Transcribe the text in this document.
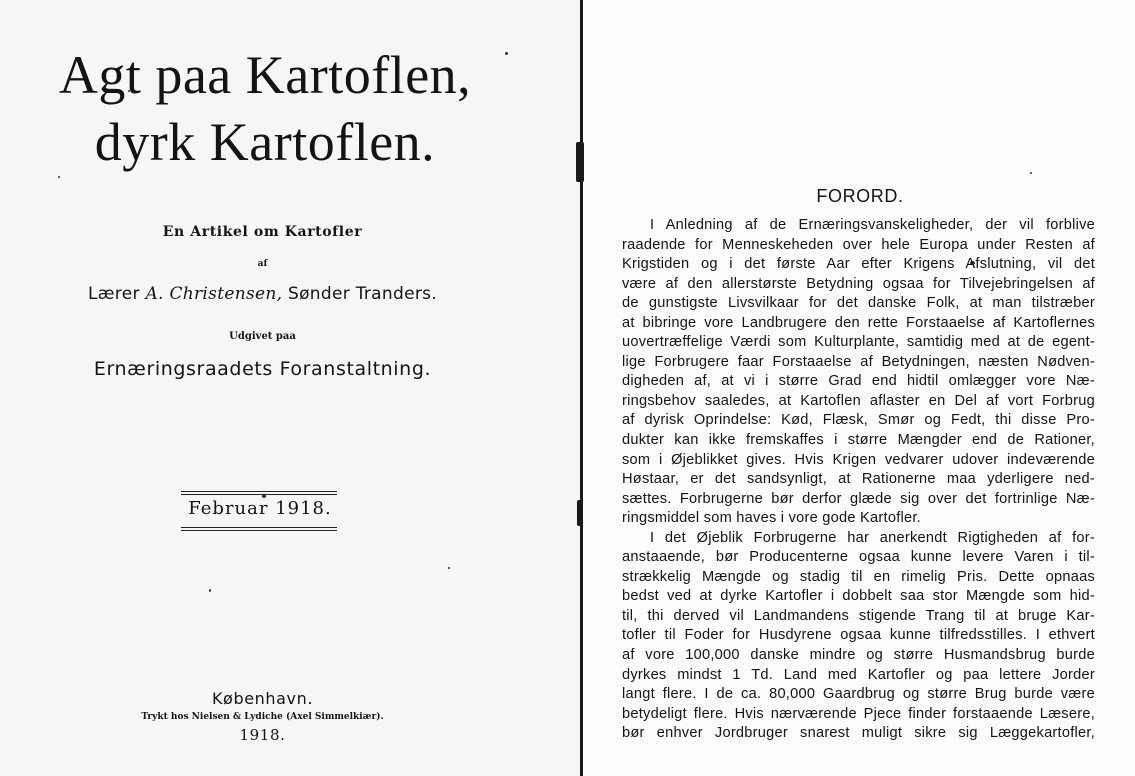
Agt paa Kartoflen,
dyrk Kartoflen.
En Artikel om Kartofler
af
Lærer A. Christensen, Sønder Tranders.
Udgivet paa
Ernæringsraadets Foranstaltning.
Februar 1918.
København.
Trykt hos Nielsen & Lydiche (Axel Simmelkiær).
1918.
FORORD.
I Anledning af de Ernæringsvanskeligheder, der vil forblive
raadende for Menneskeheden over hele Europa under Resten af
Krigstiden og i det første Aar efter Krigens Afslutning, vil det
være af den allerstørste Betydning ogsaa for Tilvejebringelsen af
de gunstigste Livsvilkaar for det danske Folk, at man tilstræber
at bibringe vore Landbrugere den rette Forstaaelse af Kartoflernes
uovertræffelige Værdi som Kulturplante, samtidig med at de egent-
lige Forbrugere faar Forstaaelse af Betydningen, næsten Nødven-
digheden af, at vi i større Grad end hidtil omlægger vore Næ-
ringsbehov saaledes, at Kartoflen aflaster en Del af vort Forbrug
af dyrisk Oprindelse: Kød, Flæsk, Smør og Fedt, thi disse Pro-
dukter kan ikke fremskaffes i større Mængder end de Rationer,
som i Øjeblikket gives. Hvis Krigen vedvarer udover indeværende
Høstaar, er det sandsynligt, at Rationerne maa yderligere ned-
sættes. Forbrugerne bør derfor glæde sig over det fortrinlige Næ-
ringsmiddel som haves i vore gode Kartofler.
I det Øjeblik Forbrugerne har anerkendt Rigtigheden af for-
anstaaende, bør Producenterne ogsaa kunne levere Varen i til-
strækkelig Mængde og stadig til en rimelig Pris. Dette opnaas
bedst ved at dyrke Kartofler i dobbelt saa stor Mængde som hid-
til, thi derved vil Landmandens stigende Trang til at bruge Kar-
tofler til Foder for Husdyrene ogsaa kunne tilfredsstilles. I ethvert
af vore 100,000 danske mindre og større Husmandsbrug burde
dyrkes mindst 1 Td. Land med Kartofler og paa lettere Jorder
langt flere. I de ca. 80,000 Gaardbrug og større Brug burde være
betydeligt flere. Hvis nærværende Pjece finder forstaaende Læsere,
bør enhver Jordbruger snarest muligt sikre sig Læggekartofler,
